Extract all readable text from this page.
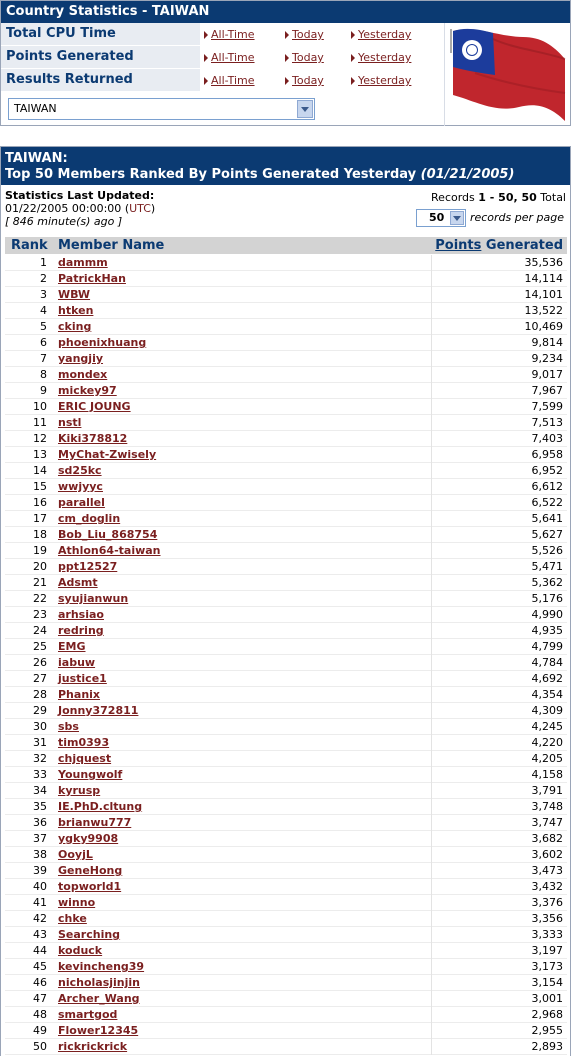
Country Statistics - TAIWAN
Total CPU Time	All-Time	Today	Yesterday
Points Generated	All-Time	Today	Yesterday
Results Returned	All-Time	Today	Yesterday
TAIWAN
TAIWAN:
Top 50 Members Ranked By Points Generated Yesterday (01/21/2005)
Statistics Last Updated:
01/22/2005 00:00:00 (UTC)
[ 846 minute(s) ago ]
Records 1 - 50, 50 Total
50 records per page
Rank Member Name	Points Generated
1 dammm	35,536
2 PatrickHan	14,114
3 WBW	14,101
4 htken	13,522
5 cking	10,469
6 phoenixhuang	9,814
7 yangjiy	9,234
8 mondex	9,017
9 mickey97	7,967
10 ERIC JOUNG	7,599
11 nstl	7,513
12 Kiki378812	7,403
13 MyChat-Zwisely	6,958
14 sd25kc	6,952
15 wwjyyc	6,612
16 parallel	6,522
17 cm_doglin	5,641
18 Bob_Liu_868754	5,627
19 Athlon64-taiwan	5,526
20 ppt12527	5,471
21 Adsmt	5,362
22 syujianwun	5,176
23 arhsiao	4,990
24 redring	4,935
25 EMG	4,799
26 iabuw	4,784
27 justice1	4,692
28 Phanix	4,354
29 Jonny372811	4,309
30 sbs	4,245
31 tim0393	4,220
32 chjquest	4,205
33 Youngwolf	4,158
34 kyrusp	3,791
35 IE.PhD.cltung	3,748
36 brianwu777	3,747
37 ygky9908	3,682
38 OoyjL	3,602
39 GeneHong	3,473
40 topworld1	3,432
41 winno	3,376
42 chke	3,356
43 Searching	3,333
44 koduck	3,197
45 kevincheng39	3,173
46 nicholasjinjin	3,154
47 Archer_Wang	3,001
48 smartgod	2,968
49 Flower12345	2,955
50 rickrickrick	2,893
